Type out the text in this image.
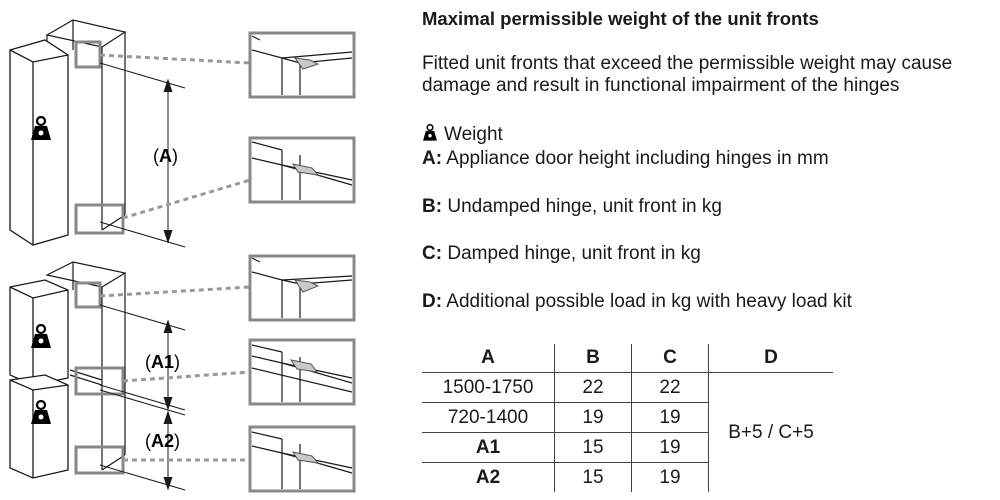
(A)
(A1)
(A2)
Maximal permissible weight of the unit fronts
Fitted unit fronts that exceed the permissible weight may cause damage and result in functional impairment of the hinges
Weight
A: Appliance door height including hinges in mm
B: Undamped hinge, unit front in kg
C: Damped hinge, unit front in kg
D: Additional possible load in kg with heavy load kit
A	B	C	D
1500-1750	22	22	B+5 / C+5
720-1400	19	19	
A1	15	19	
A2	15	19	
